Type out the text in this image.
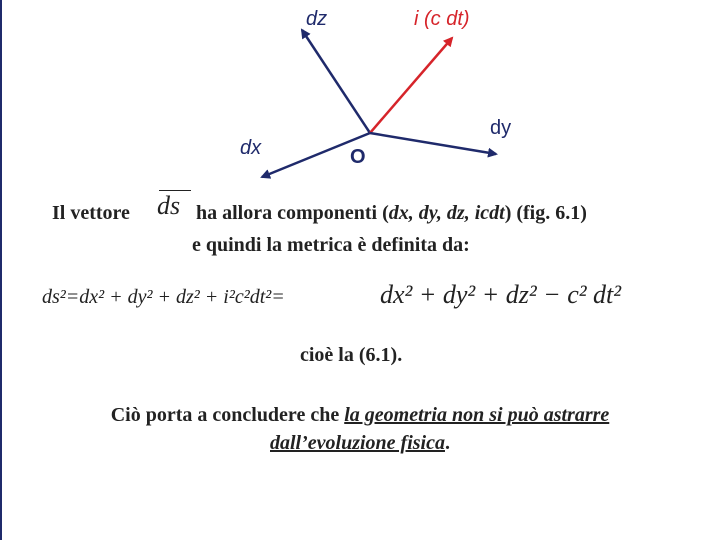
dz	i (c dt)
dx
dy
O
Il vettore ds ha allora componenti (dx, dy, dz, icdt) (fig. 6.1)
e quindi la metrica è definita da:
ds²=dx² + dy² + dz² + i²c²dt²=	dx² + dy² + dz² − c² dt²
cioè la (6.1).
Ciò porta a concludere che la geometria non si può astrarre
dall’evoluzione fisica.
